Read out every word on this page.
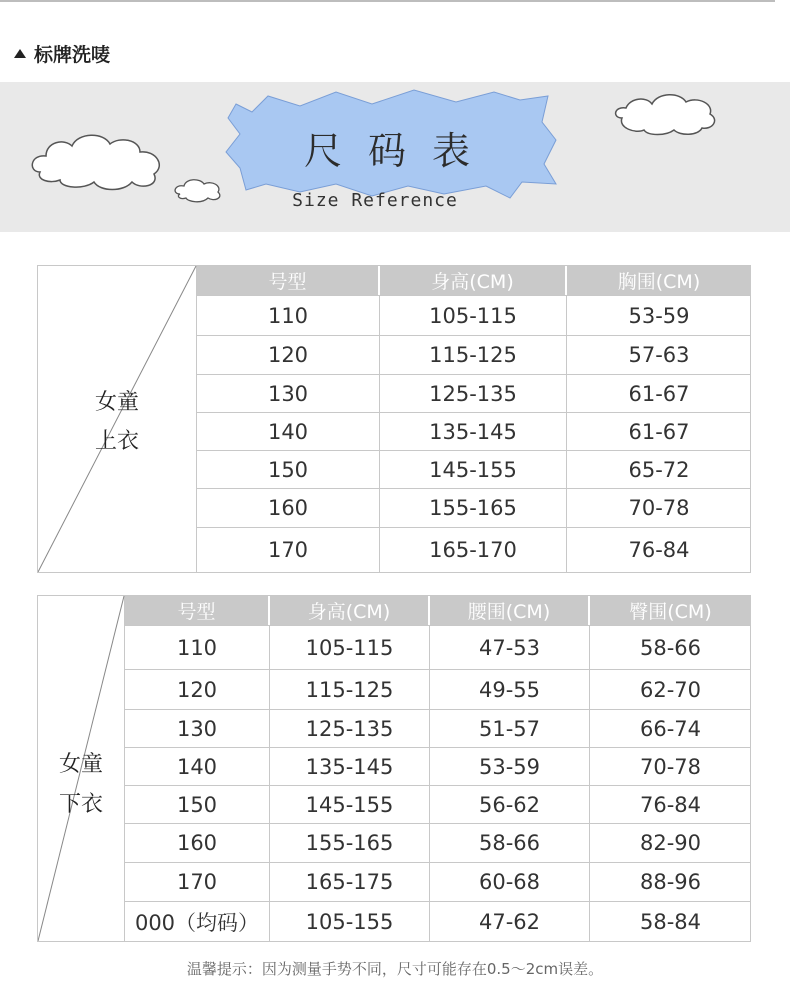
标牌洗唛
尺码表
Size Reference
女童
上衣
号型	身高(CM)	胸围(CM)
110	105-115	53-59
120	115-125	57-63
130	125-135	61-67
140	135-145	61-67
150	145-155	65-72
160	155-165	70-78
170	165-170	76-84
女童
下衣
号型	身高(CM)	腰围(CM)	臀围(CM)
110	105-115	47-53	58-66
120	115-125	49-55	62-70
130	125-135	51-57	66-74
140	135-145	53-59	70-78
150	145-155	56-62	76-84
160	155-165	58-66	82-90
170	165-175	60-68	88-96
000（均码）	105-155	47-62	58-84
温馨提示：因为测量手势不同，尺寸可能存在0.5～2cm误差。
